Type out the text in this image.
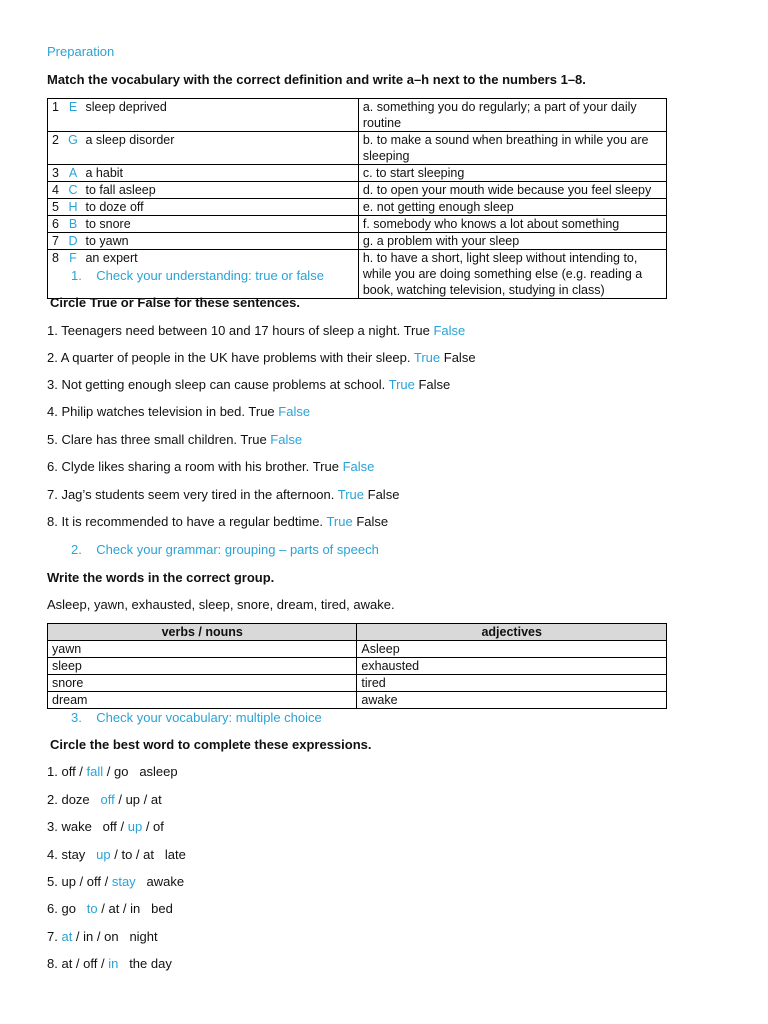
Preparation
Match the vocabulary with the correct definition and write a–h next to the numbers 1–8.
1 E sleep deprived	a. something you do regularly; a part of your daily routine
2 G a sleep disorder	b. to make a sound when breathing in while you are sleeping
3 A a habit	c. to start sleeping
4 C to fall asleep	d. to open your mouth wide because you feel sleepy
5 H to doze off	e. not getting enough sleep
6 B to snore	f. somebody who knows a lot about something
7 D to yawn	g. a problem with your sleep
8 F an expert	h. to have a short, light sleep without intending to, while you are doing something else (e.g. reading a book, watching television, studying in class)
1. Check your understanding: true or false
Circle True or False for these sentences.
1. Teenagers need between 10 and 17 hours of sleep a night. True False
2. A quarter of people in the UK have problems with their sleep. True False
3. Not getting enough sleep can cause problems at school. True False
4. Philip watches television in bed. True False
5. Clare has three small children. True False
6. Clyde likes sharing a room with his brother. True False
7. Jag’s students seem very tired in the afternoon. True False
8. It is recommended to have a regular bedtime. True False
2. Check your grammar: grouping – parts of speech
Write the words in the correct group.
Asleep, yawn, exhausted, sleep, snore, dream, tired, awake.
verbs / nouns	adjectives
yawn	Asleep
sleep	exhausted
snore	tired
dream	awake
3. Check your vocabulary: multiple choice
Circle the best word to complete these expressions.
1. off / fall / go asleep
2. doze off / up / at
3. wake off / up / of
4. stay up / to / at late
5. up / off / stay awake
6. go to / at / in bed
7. at / in / on night
8. at / off / in the day
